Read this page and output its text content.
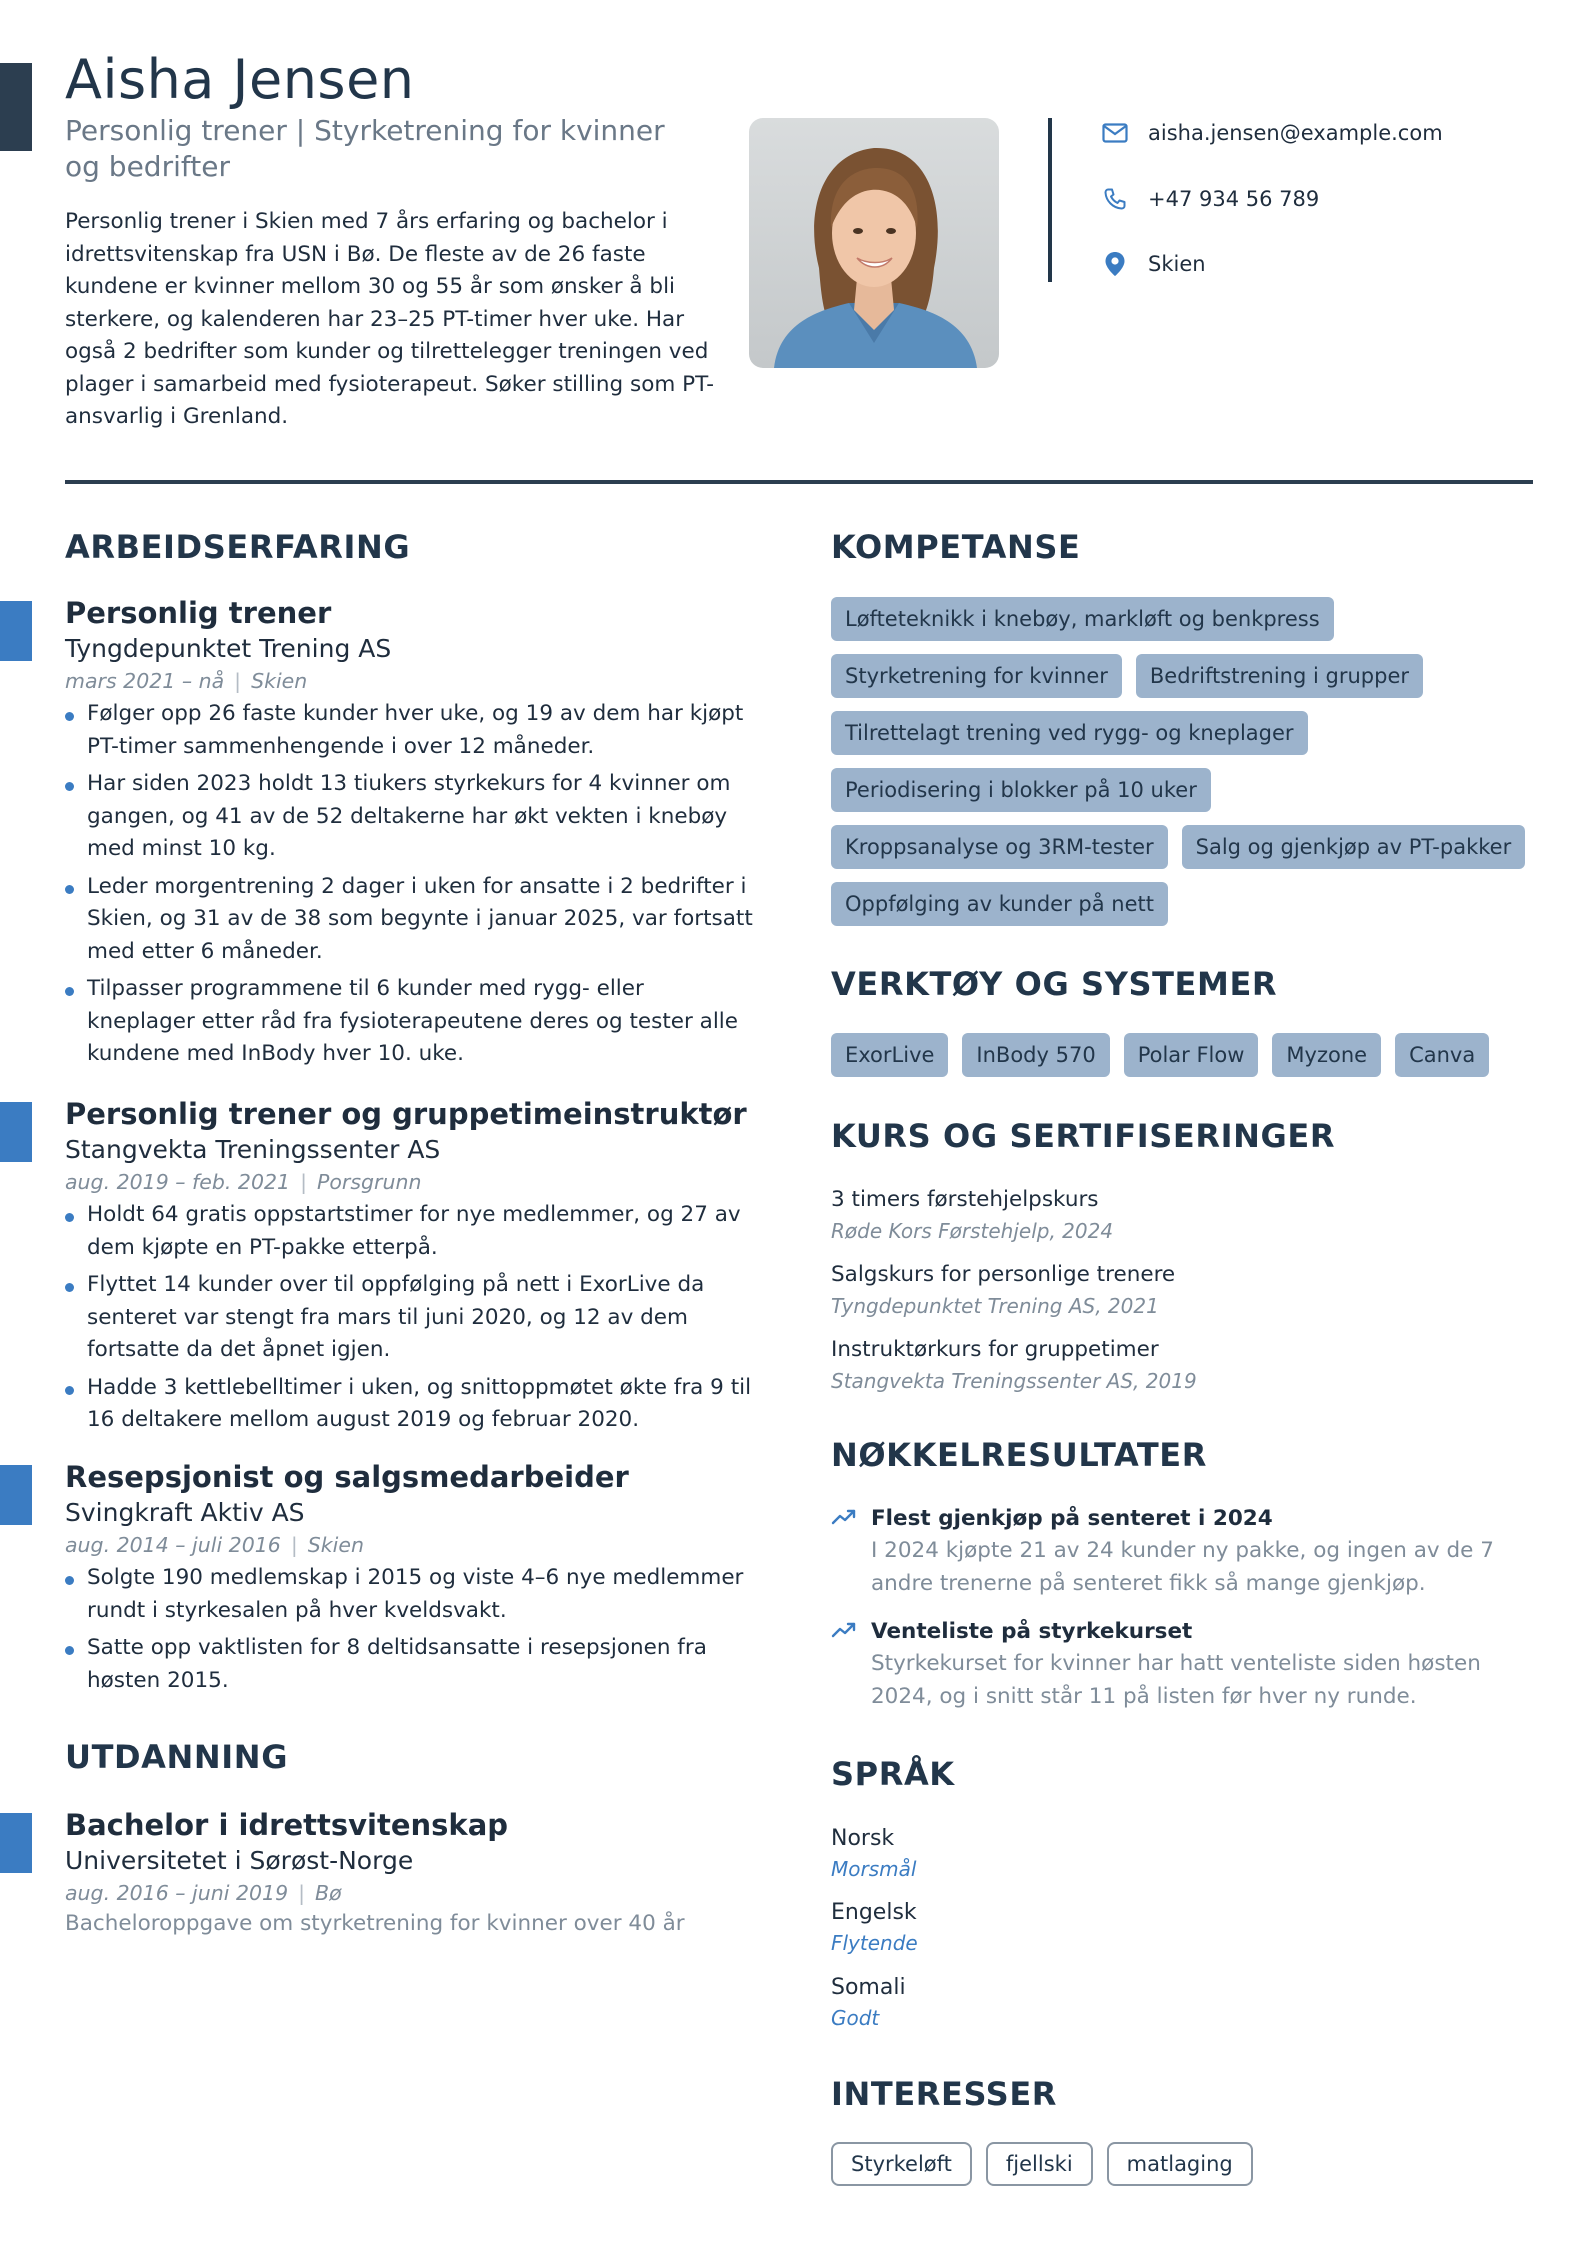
Aisha Jensen
Personlig trener | Styrketrening for kvinner
og bedrifter

Personlig trener i Skien med 7 års erfaring og bachelor i idrettsvitenskap fra USN i Bø. De fleste av de 26 faste kundene er kvinner mellom 30 og 55 år som ønsker å bli sterkere, og kalenderen har 23–25 PT-timer hver uke. Har også 2 bedrifter som kunder og tilrettelegger treningen ved plager i samarbeid med fysioterapeut. Søker stilling som PT-ansvarlig i Grenland.

aisha.jensen@example.com
+47 934 56 789
Skien
ARBEIDSERFARING
Personlig trener
Tyngdepunktet Trening AS
mars 2021 – nå | Skien
Følger opp 26 faste kunder hver uke, og 19 av dem har kjøpt PT-timer sammenhengende i over 12 måneder.
Har siden 2023 holdt 13 tiukers styrkekurs for 4 kvinner om gangen, og 41 av de 52 deltakerne har økt vekten i knebøy med minst 10 kg.
Leder morgentrening 2 dager i uken for ansatte i 2 bedrifter i Skien, og 31 av de 38 som begynte i januar 2025, var fortsatt med etter 6 måneder.
Tilpasser programmene til 6 kunder med rygg- eller kneplager etter råd fra fysioterapeutene deres og tester alle kundene med InBody hver 10. uke.
Personlig trener og gruppetimeinstruktør
Stangvekta Treningssenter AS
aug. 2019 – feb. 2021 | Porsgrunn
Holdt 64 gratis oppstartstimer for nye medlemmer, og 27 av dem kjøpte en PT-pakke etterpå.
Flyttet 14 kunder over til oppfølging på nett i ExorLive da senteret var stengt fra mars til juni 2020, og 12 av dem fortsatte da det åpnet igjen.
Hadde 3 kettlebelltimer i uken, og snittoppmøtet økte fra 9 til 16 deltakere mellom august 2019 og februar 2020.
Resepsjonist og salgsmedarbeider
Svingkraft Aktiv AS
aug. 2014 – juli 2016 | Skien
Solgte 190 medlemskap i 2015 og viste 4–6 nye medlemmer rundt i styrkesalen på hver kveldsvakt.
Satte opp vaktlisten for 8 deltidsansatte i resepsjonen fra høsten 2015.
UTDANNING
Bachelor i idrettsvitenskap
Universitetet i Sørøst-Norge
aug. 2016 – juni 2019 | Bø
Bacheloroppgave om styrketrening for kvinner over 40 år
KOMPETANSE
Løfteteknikk i knebøy, markløft og benkpress
Styrketrening for kvinner	Bedriftstrening i grupper
Tilrettelagt trening ved rygg- og kneplager
Periodisering i blokker på 10 uker
Kroppsanalyse og 3RM-tester	Salg og gjenkjøp av PT-pakker
Oppfølging av kunder på nett
VERKTØY OG SYSTEMER
ExorLive	InBody 570	Polar Flow	Myzone	Canva
KURS OG SERTIFISERINGER
3 timers førstehjelpskurs
Røde Kors Førstehjelp, 2024
Salgskurs for personlige trenere
Tyngdepunktet Trening AS, 2021
Instruktørkurs for gruppetimer
Stangvekta Treningssenter AS, 2019
NØKKELRESULTATER
Flest gjenkjøp på senteret i 2024
I 2024 kjøpte 21 av 24 kunder ny pakke, og ingen av de 7 andre trenerne på senteret fikk så mange gjenkjøp.
Venteliste på styrkekurset
Styrkekurset for kvinner har hatt venteliste siden høsten 2024, og i snitt står 11 på listen før hver ny runde.
SPRÅK
Norsk
Morsmål
Engelsk
Flytende
Somali
Godt
INTERESSER
Styrkeløft	fjellski	matlaging
